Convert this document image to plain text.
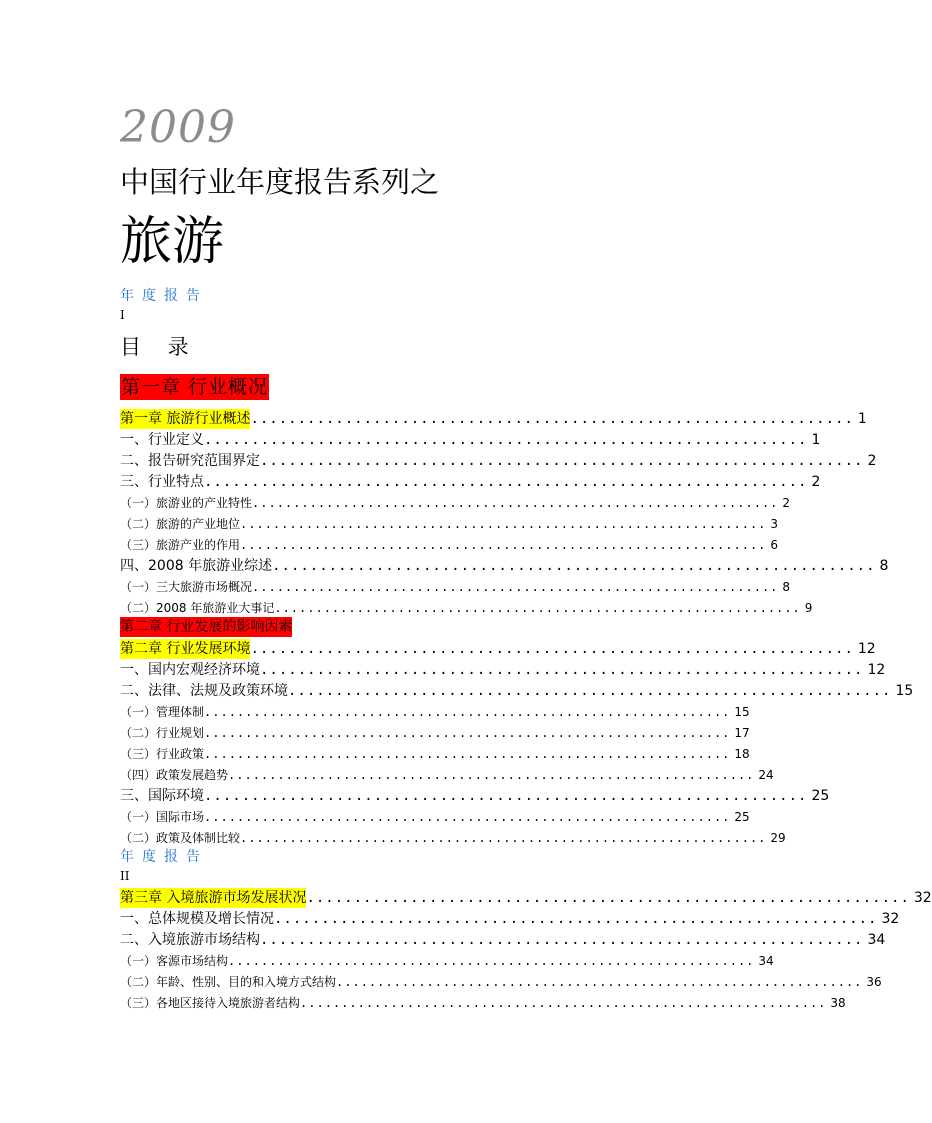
2009
中国行业年度报告系列之
旅游
年度报告
I
目 录
第一章 行业概况
第一章 旅游行业概述 ................................................................ 1
一、行业定义 ................................................................ 1
二、报告研究范围界定 ................................................................ 2
三、行业特点 ................................................................ 2
（一）旅游业的产业特性 ................................................................ 2
（二）旅游的产业地位 ................................................................ 3
（三）旅游产业的作用 ................................................................ 6
四、2008 年旅游业综述 ................................................................ 8
（一）三大旅游市场概况 ................................................................ 8
（二）2008 年旅游业大事记 ................................................................ 9
第二章 行业发展的影响因素
第二章 行业发展环境 ................................................................ 12
一、国内宏观经济环境 ................................................................ 12
二、法律、法规及政策环境 ................................................................ 15
（一）管理体制 ................................................................ 15
（二）行业规划 ................................................................ 17
（三）行业政策 ................................................................ 18
（四）政策发展趋势 ................................................................ 24
三、国际环境 ................................................................ 25
（一）国际市场 ................................................................ 25
（二）政策及体制比较 ................................................................ 29
年度报告
II
第三章 入境旅游市场发展状况 ................................................................ 32
一、总体规模及增长情况 ................................................................ 32
二、入境旅游市场结构 ................................................................ 34
（一）客源市场结构 ................................................................ 34
（二）年龄、性别、目的和入境方式结构 ................................................................ 36
（三）各地区接待入境旅游者结构 ................................................................ 38
